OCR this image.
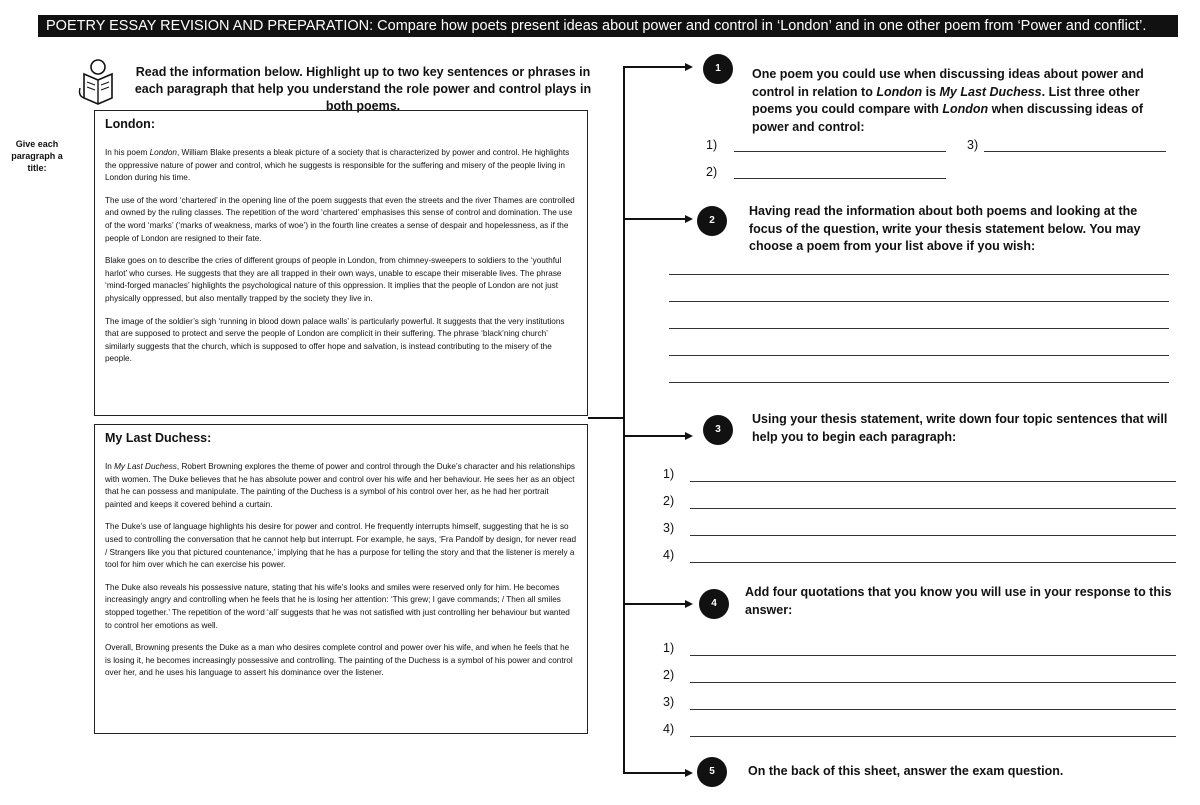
POETRY ESSAY REVISION AND PREPARATION: Compare how poets present ideas about power and control in ‘London’ and in one other poem from ‘Power and conflict’.
Read the information below. Highlight up to two key sentences or phrases in each paragraph that help you understand the role power and control plays in both poems.
Give each paragraph a title:
London:

In his poem London, William Blake presents a bleak picture of a society that is characterized by power and control. He highlights the oppressive nature of power and control, which he suggests is responsible for the suffering and misery of the people living in London during his time.

The use of the word ‘chartered’ in the opening line of the poem suggests that even the streets and the river Thames are controlled and owned by the ruling classes. The repetition of the word ‘chartered’ emphasises this sense of control and domination. The use of the word ‘marks’ (‘marks of weakness, marks of woe’) in the fourth line creates a sense of despair and hopelessness, as if the people of London are resigned to their fate.

Blake goes on to describe the cries of different groups of people in London, from chimney-sweepers to soldiers to the ‘youthful harlot’ who curses. He suggests that they are all trapped in their own ways, unable to escape their miserable lives. The phrase ‘mind-forged manacles’ highlights the psychological nature of this oppression. It implies that the people of London are not just physically oppressed, but also mentally trapped by the society they live in.

The image of the soldier’s sigh ‘running in blood down palace walls’ is particularly powerful. It suggests that the very institutions that are supposed to protect and serve the people of London are complicit in their suffering. The phrase ‘black’ning church’ similarly suggests that the church, which is supposed to offer hope and salvation, is instead contributing to the misery of the people.

My Last Duchess:

In My Last Duchess, Robert Browning explores the theme of power and control through the Duke’s character and his relationships with women. The Duke believes that he has absolute power and control over his wife and her behaviour. He sees her as an object that he can possess and manipulate. The painting of the Duchess is a symbol of his control over her, as he had her portrait painted and keeps it covered behind a curtain.

The Duke’s use of language highlights his desire for power and control. He frequently interrupts himself, suggesting that he is so used to controlling the conversation that he cannot help but interrupt. For example, he says, ‘Fra Pandolf by design, for never read / Strangers like you that pictured countenance,’ implying that he has a purpose for telling the story and that the listener is merely a tool for him over which he can exercise his power.

The Duke also reveals his possessive nature, stating that his wife’s looks and smiles were reserved only for him. He becomes increasingly angry and controlling when he feels that he is losing her attention: ‘This grew; I gave commands; / Then all smiles stopped together.’ The repetition of the word ‘all’ suggests that he was not satisfied with just controlling her behaviour but wanted to control her emotions as well.

Overall, Browning presents the Duke as a man who desires complete control and power over his wife, and when he feels that he is losing it, he becomes increasingly possessive and controlling. The painting of the Duchess is a symbol of his power and control over her, and he uses his language to assert his dominance over the listener.

1	One poem you could use when discussing ideas about power and control in relation to London is My Last Duchess. List three other poems you could compare with London when discussing ideas of power and control:
1)	3)
2)
2
Having read the information about both poems and looking at the focus of the question, write your thesis statement below. You may choose a poem from your list above if you wish:
3
Using your thesis statement, write down four topic sentences that will help you to begin each paragraph:
1)
2)
3)
4)
4
Add four quotations that you know you will use in your response to this answer:
1)
2)
3)
4)
5	On the back of this sheet, answer the exam question.
